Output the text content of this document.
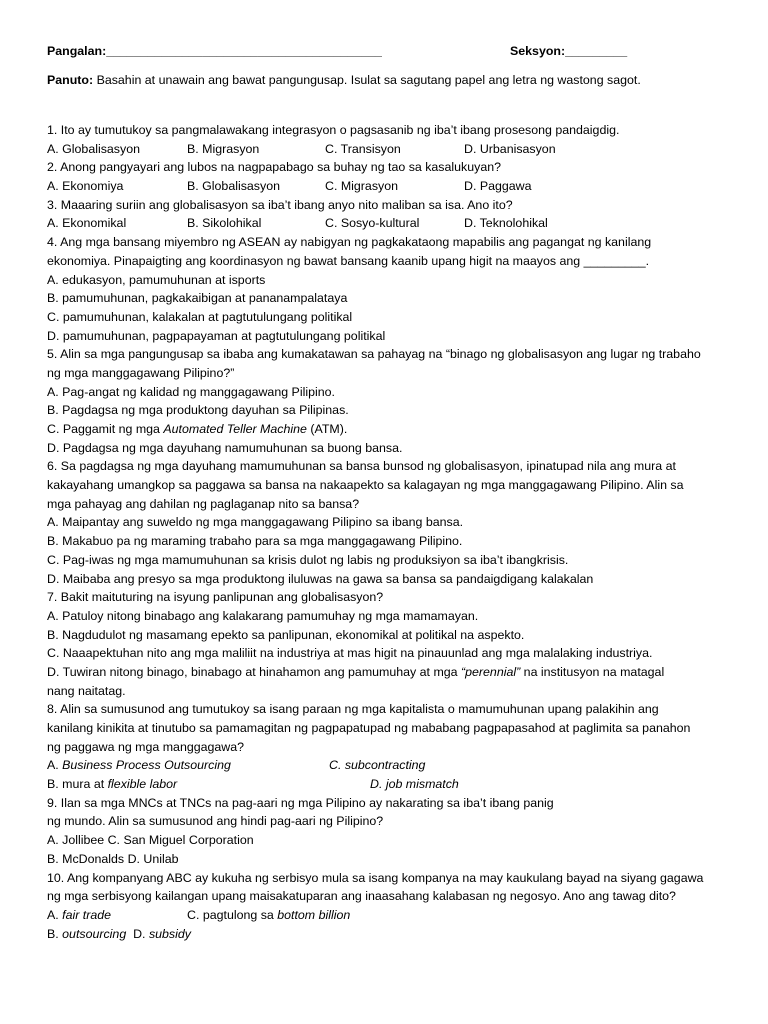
Pangalan:________________________________________	Seksyon:_________
Panuto: Basahin at unawain ang bawat pangungusap. Isulat sa sagutang papel ang letra ng wastong sagot.
1. Ito ay tumutukoy sa pangmalawakang integrasyon o pagsasanib ng iba’t ibang prosesong pandaigdig.
A. Globalisasyon	B. Migrasyon	C. Transisyon	D. Urbanisasyon
2. Anong pangyayari ang lubos na nagpapabago sa buhay ng tao sa kasalukuyan?
A. Ekonomiya	B. Globalisasyon	C. Migrasyon	D. Paggawa
3. Maaaring suriin ang globalisasyon sa iba’t ibang anyo nito maliban sa isa. Ano ito?
A. Ekonomikal	B. Sikolohikal	C. Sosyo-kultural	D. Teknolohikal
4. Ang mga bansang miyembro ng ASEAN ay nabigyan ng pagkakataong mapabilis ang pagangat ng kanilang
ekonomiya. Pinapaigting ang koordinasyon ng bawat bansang kaanib upang higit na maayos ang _________.
A. edukasyon, pamumuhunan at isports
B. pamumuhunan, pagkakaibigan at pananampalataya
C. pamumuhunan, kalakalan at pagtutulungang politikal
D. pamumuhunan, pagpapayaman at pagtutulungang politikal
5. Alin sa mga pangungusap sa ibaba ang kumakatawan sa pahayag na “binago ng globalisasyon ang lugar ng trabaho
ng mga manggagawang Pilipino?”
A. Pag-angat ng kalidad ng manggagawang Pilipino.
B. Pagdagsa ng mga produktong dayuhan sa Pilipinas.
C. Paggamit ng mga Automated Teller Machine (ATM).
D. Pagdagsa ng mga dayuhang namumuhunan sa buong bansa.
6. Sa pagdagsa ng mga dayuhang mamumuhunan sa bansa bunsod ng globalisasyon, ipinatupad nila ang mura at
kakayahang umangkop sa paggawa sa bansa na nakaapekto sa kalagayan ng mga manggagawang Pilipino. Alin sa
mga pahayag ang dahilan ng paglaganap nito sa bansa?
A. Maipantay ang suweldo ng mga manggagawang Pilipino sa ibang bansa.
B. Makabuo pa ng maraming trabaho para sa mga manggagawang Pilipino.
C. Pag-iwas ng mga mamumuhunan sa krisis dulot ng labis ng produksiyon sa iba’t ibangkrisis.
D. Maibaba ang presyo sa mga produktong iluluwas na gawa sa bansa sa pandaigdigang kalakalan
7. Bakit maituturing na isyung panlipunan ang globalisasyon?
A. Patuloy nitong binabago ang kalakarang pamumuhay ng mga mamamayan.
B. Nagdudulot ng masamang epekto sa panlipunan, ekonomikal at politikal na aspekto.
C. Naaapektuhan nito ang mga maliliit na industriya at mas higit na pinauunlad ang mga malalaking industriya.
D. Tuwiran nitong binago, binabago at hinahamon ang pamumuhay at mga “perennial” na institusyon na matagal
nang naitatag.
8. Alin sa sumusunod ang tumutukoy sa isang paraan ng mga kapitalista o mamumuhunan upang palakihin ang
kanilang kinikita at tinutubo sa pamamagitan ng pagpapatupad ng mababang pagpapasahod at paglimita sa panahon
ng paggawa ng mga manggagawa?
A. Business Process Outsourcing	C. subcontracting
B. mura at flexible labor	D. job mismatch
9. Ilan sa mga MNCs at TNCs na pag-aari ng mga Pilipino ay nakarating sa iba’t ibang panig
ng mundo. Alin sa sumusunod ang hindi pag-aari ng Pilipino?
A. Jollibee C. San Miguel Corporation
B. McDonalds D. Unilab
10. Ang kompanyang ABC ay kukuha ng serbisyo mula sa isang kompanya na may kaukulang bayad na siyang gagawa
ng mga serbisyong kailangan upang maisakatuparan ang inaasahang kalabasan ng negosyo. Ano ang tawag dito?
A. fair trade	C. pagtulong sa bottom billion
B. outsourcing  D. subsidy
